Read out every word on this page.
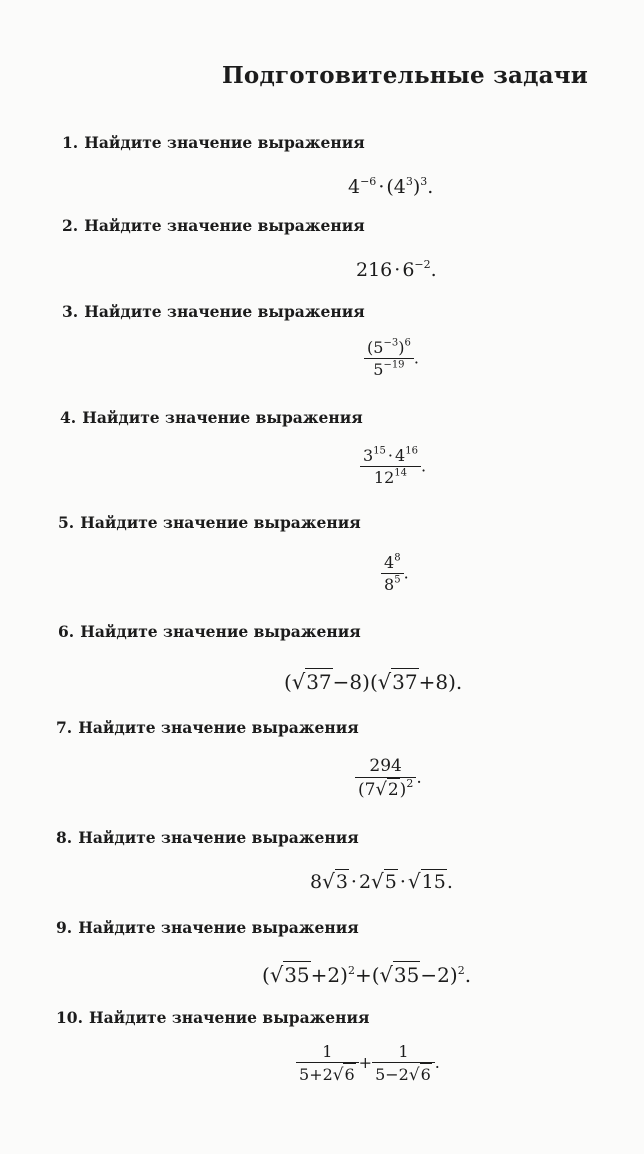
Подготовительные задачи
1. Найдите значение выражения
$4^{-6} \cdot (4^3)^3$.
2. Найдите значение выражения
$216 \cdot 6^{-2}$.
3. Найдите значение выражения
$\frac{(5^{-3})^6}{5^{-19}}$ .
4. Найдите значение выражения
$\frac{3^{15} \cdot 4^{16}}{12^{14}}$ .
5. Найдите значение выражения
$\frac{4^8}{8^5}$ .
6. Найдите значение выражения
(√37−8)(√37+8).
7. Найдите значение выражения
$\frac{294}{(7√2)^2}$ .
8. Найдите значение выражения
8√3 · 2√5 · √15.
9. Найдите значение выражения
$(√35+2)^2+(√35-2)^2$.
10. Найдите значение выражения
$\frac{1}{5+2√6} + \frac{1}{5-2√6}$ .
